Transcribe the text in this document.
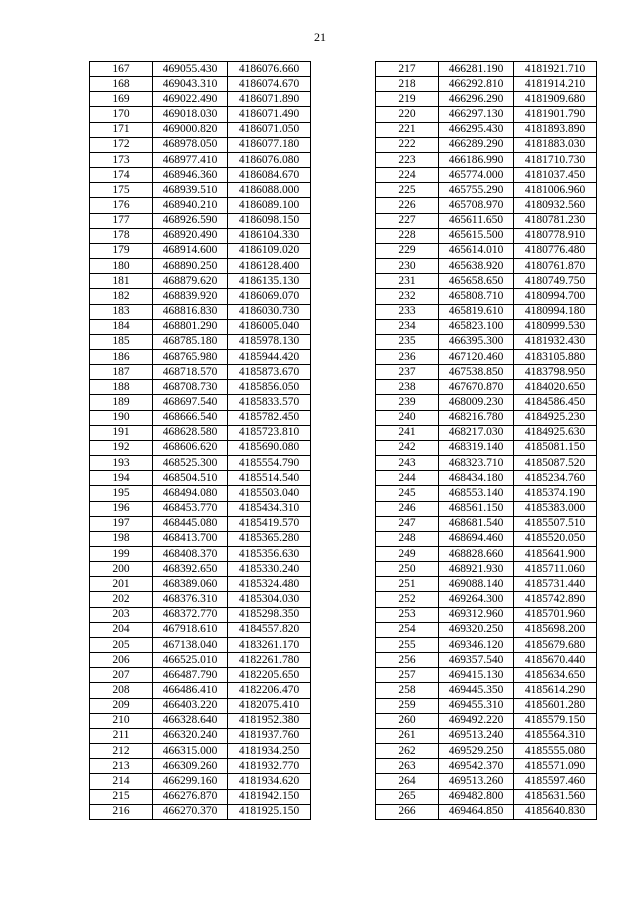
21
167	469055.430	4186076.660
168	469043.310	4186074.670
169	469022.490	4186071.890
170	469018.030	4186071.490
171	469000.820	4186071.050
172	468978.050	4186077.180
173	468977.410	4186076.080
174	468946.360	4186084.670
175	468939.510	4186088.000
176	468940.210	4186089.100
177	468926.590	4186098.150
178	468920.490	4186104.330
179	468914.600	4186109.020
180	468890.250	4186128.400
181	468879.620	4186135.130
182	468839.920	4186069.070
183	468816.830	4186030.730
184	468801.290	4186005.040
185	468785.180	4185978.130
186	468765.980	4185944.420
187	468718.570	4185873.670
188	468708.730	4185856.050
189	468697.540	4185833.570
190	468666.540	4185782.450
191	468628.580	4185723.810
192	468606.620	4185690.080
193	468525.300	4185554.790
194	468504.510	4185514.540
195	468494.080	4185503.040
196	468453.770	4185434.310
197	468445.080	4185419.570
198	468413.700	4185365.280
199	468408.370	4185356.630
200	468392.650	4185330.240
201	468389.060	4185324.480
202	468376.310	4185304.030
203	468372.770	4185298.350
204	467918.610	4184557.820
205	467138.040	4183261.170
206	466525.010	4182261.780
207	466487.790	4182205.650
208	466486.410	4182206.470
209	466403.220	4182075.410
210	466328.640	4181952.380
211	466320.240	4181937.760
212	466315.000	4181934.250
213	466309.260	4181932.770
214	466299.160	4181934.620
215	466276.870	4181942.150
216	466270.370	4181925.150
217	466281.190	4181921.710
218	466292.810	4181914.210
219	466296.290	4181909.680
220	466297.130	4181901.790
221	466295.430	4181893.890
222	466289.290	4181883.030
223	466186.990	4181710.730
224	465774.000	4181037.450
225	465755.290	4181006.960
226	465708.970	4180932.560
227	465611.650	4180781.230
228	465615.500	4180778.910
229	465614.010	4180776.480
230	465638.920	4180761.870
231	465658.650	4180749.750
232	465808.710	4180994.700
233	465819.610	4180994.180
234	465823.100	4180999.530
235	466395.300	4181932.430
236	467120.460	4183105.880
237	467538.850	4183798.950
238	467670.870	4184020.650
239	468009.230	4184586.450
240	468216.780	4184925.230
241	468217.030	4184925.630
242	468319.140	4185081.150
243	468323.710	4185087.520
244	468434.180	4185234.760
245	468553.140	4185374.190
246	468561.150	4185383.000
247	468681.540	4185507.510
248	468694.460	4185520.050
249	468828.660	4185641.900
250	468921.930	4185711.060
251	469088.140	4185731.440
252	469264.300	4185742.890
253	469312.960	4185701.960
254	469320.250	4185698.200
255	469346.120	4185679.680
256	469357.540	4185670.440
257	469415.130	4185634.650
258	469445.350	4185614.290
259	469455.310	4185601.280
260	469492.220	4185579.150
261	469513.240	4185564.310
262	469529.250	4185555.080
263	469542.370	4185571.090
264	469513.260	4185597.460
265	469482.800	4185631.560
266	469464.850	4185640.830
